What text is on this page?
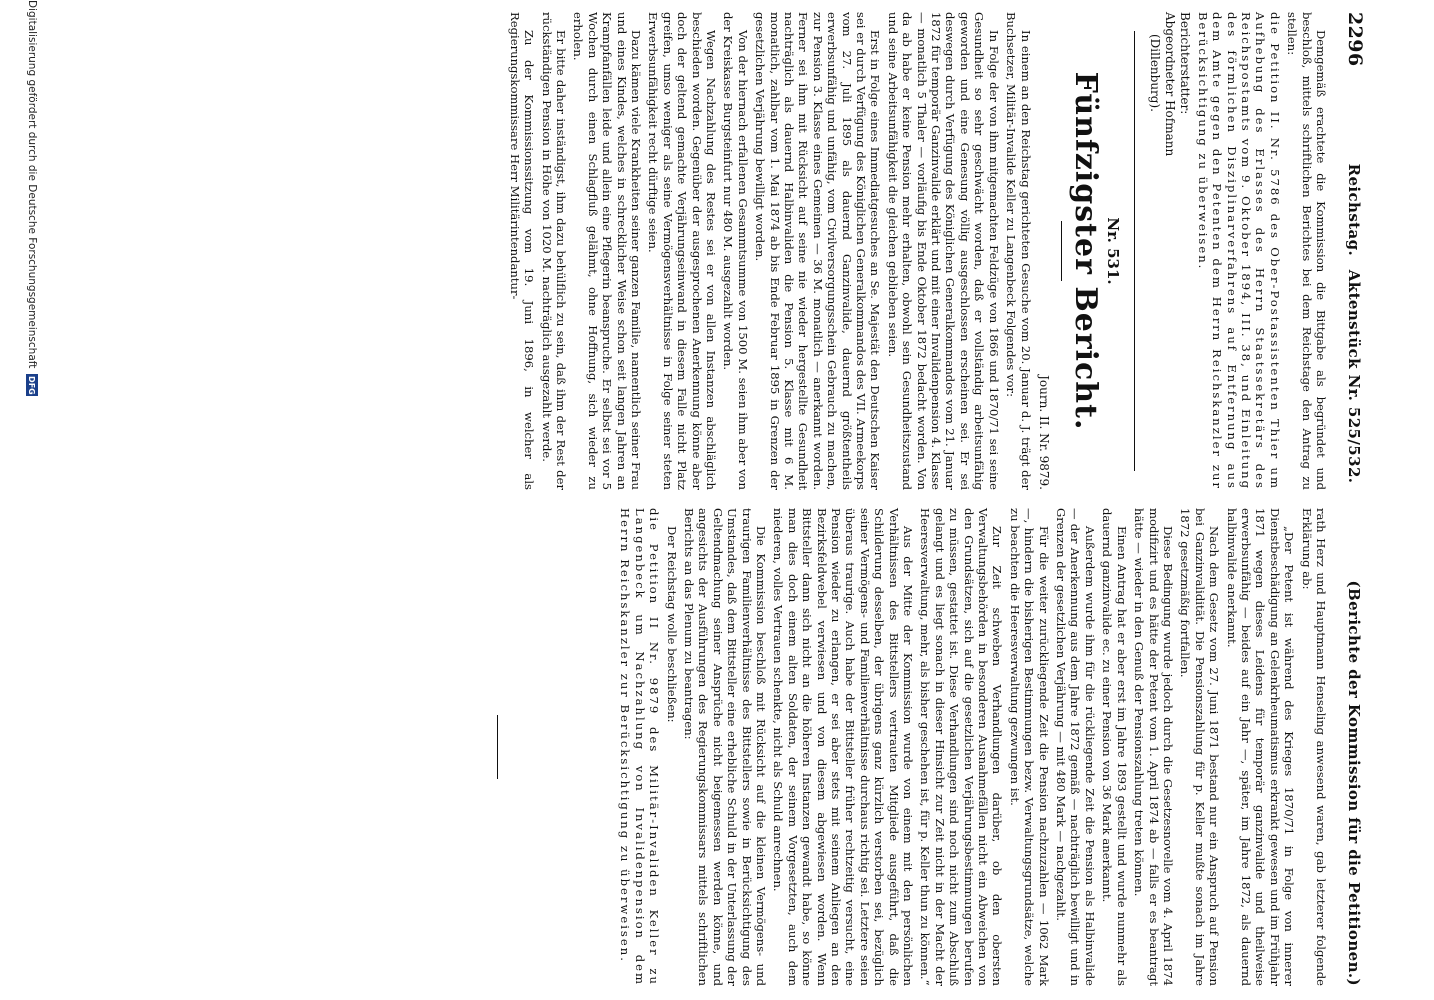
2296
Reichstag. Aktenstück Nr. 525/532.
(Berichte der Kommission für die Petitionen.)

Demgemäß erachtete die Kommission die Bittgabe als begründet und beschloß, mittels schriftlichen Berichtes bei dem Reichstage den Antrag zu stellen:

die Petition II. Nr. 5786 des Ober-Postassistenten Thier um Aufhebung des Erlasses des Herrn Staatssekretärs des Reichspostamts vom 9. Oktober 1894, III. 38, und Einleitung des förmlichen Disziplinarverfahrens auf Entfernung aus dem Amte gegen den Petenten dem Herrn Reichskanzler zur Berücksichtigung zu überweisen.

Berichterstatter:
Abgeordneter Hofmann
(Dillenburg).
Nr. 531.
Fünfzigster Bericht.
Journ. II. Nr. 9879.

In einem an den Reichstag gerichteten Gesuche vom 20. Januar d. J. trägt der Buchsetzer, Militär-Invalide Keller zu Langenbeck Folgendes vor:

In Folge der von ihm mitgemachten Feldzüge von 1866 und 1870/71 sei seine Gesundheit so sehr geschwächt worden, daß er vollständig arbeitsunfähig geworden und eine Genesung völlig ausgeschlossen erscheinen sei. Er sei deswegen durch Verfügung des Königlichen Generalkommandos vom 21. Januar 1872 für temporär Ganzinvalide erklärt und mit einer Invalidenpension 4. Klasse — monatlich 5 Thaler — vorläufig bis Ende Oktober 1872 bedacht worden. Von da ab habe er keine Pension mehr erhalten, obwohl sein Gesundheitszustand und seine Arbeitsunfähigkeit die gleichen geblieben seien.

Erst in Folge eines Immediatgesuches an Se. Majestät den Deutschen Kaiser sei er durch Verfügung des Königlichen Generalkommandos des VII. Armeekorps vom 27. Juli 1895 als dauernd Ganzinvalide, dauernd größtentheils erwerbsunfähig und unfähig, vom Civilversorgungsschein Gebrauch zu machen, zur Pension 3. Klasse eines Gemeinen — 36 M. monatlich — anerkannt worden. Ferner sei ihm mit Rücksicht auf seine nie wieder hergestellte Gesundheit nachträglich als dauernd Halbinvaliden die Pension 5. Klasse mit 6 M. monatlich, zahlbar vom 1. Mai 1874 ab bis Ende Februar 1895 in Grenzen der gesetzlichen Verjährung bewilligt worden.

Von der hiernach erfallenen Gesammtsumme von 1500 M. seien ihm aber von der Kreiskasse Burgsteinfurt nur 480 M. ausgezahlt worden.

Wegen Nachzahlung des Restes sei er von allen Instanzen abschläglich beschieden worden. Gegenüber der ausgesprochenen Anerkennung könne aber doch der geltend gemachte Verjährungseinwand in diesem Falle nicht Platz greifen, umso weniger als seine Vermögensverhältnisse in Folge seiner steten Erwerbsunfähigkeit recht dürftige seien.

Dazu kämen viele Krankheiten seiner ganzen Familie, namentlich seiner Frau und eines Kindes, welches in schrecklicher Weise schon seit langen Jahren an Krampfanfällen leide und allein eine Pflegerin beanspruche. Er selbst sei vor 5 Wochen durch einen Schlagfluß gelähmt, ohne Hoffnung, sich wieder zu erholen.

Er bitte daher inständigst, ihm dazu behülflich zu sein, daß ihm der Rest der rückständigen Pension in Höhe von 1020 M. nachträglich ausgezahlt werde.

Zu der Kommissionssitzung vom 19. Juni 1896, in welcher als Regierungskommissare Herr Militärintendantur-

rath Herz und Hauptmann Henseling anwesend waren, gab letzterer folgende Erklärung ab:

„Der Petent ist während des Krieges 1870/71 in Folge von innerer Dienstbeschädigung an Gelenkrheumatismus erkrankt gewesen und im Frühjahr 1871 wegen dieses Leidens für temporär ganzinvalide und theilweise erwerbsunfähig — beides auf ein Jahr —, später, im Jahre 1872, als dauernd halbinvalide anerkannt.

Nach dem Gesetz vom 27. Juni 1871 bestand nur ein Anspruch auf Pension bei Ganzinvalidität. Die Pensionszahlung für p. Keller mußte sonach im Jahre 1872 gesetzmäßig fortfallen.

Diese Bedingung wurde jedoch durch die Gesetzesnovelle vom 4. April 1874 modifizirt und es hätte der Petent vom 1. April 1874 ab — falls er es beantragt hätte — wieder in den Genuß der Pensionszahlung treten können.

Einen Antrag hat er aber erst im Jahre 1893 gestellt und wurde nunmehr als dauernd ganzinvalide ec. zu einer Pension von 36 Mark anerkannt.

Außerdem wurde ihm für die rückliegende Zeit die Pension als Halbinvalide — der Anerkennung aus dem Jahre 1872 gemäß — nachträglich bewilligt und in Grenzen der gesetzlichen Verjährung — mit 480 Mark — nachgezahlt.

Für die weiter zurückliegende Zeit die Pension nachzuzahlen — 1062 Mark —, hindern die bisherigen Bestimmungen bezw. Verwaltungsgrundsätze, welche zu beachten die Heeresverwaltung gezwungen ist.

Zur Zeit schweben Verhandlungen darüber, ob den obersten Verwaltungsbehörden in besonderen Ausnahmefällen nicht ein Abweichen von den Grundsätzen, sich auf die gesetzlichen Verjährungsbestimmungen berufen zu müssen, gestattet ist. Diese Verhandlungen sind noch nicht zum Abschluß gelangt und es liegt sonach in dieser Hinsicht zur Zeit nicht in der Macht der Heeresverwaltung, mehr, als bisher geschehen ist, für p. Keller thun zu können.“

Aus der Mitte der Kommission wurde von einem mit den persönlichen Verhältnissen des Bittstellers vertrauten Mitgliede ausgeführt, daß die Schilderung desselben, der übrigens ganz kürzlich verstorben sei, bezüglich seiner Vermögens- und Familienverhältnisse durchaus richtig sei. Letztere seien überaus traurige. Auch habe der Bittsteller früher rechtzeitig versucht, eine Pension wieder zu erlangen, er sei aber stets mit seinem Anliegen an den Bezirksfeldwebel verwiesen und von diesem abgewiesen worden. Wenn Bittsteller dann sich nicht an die höheren Instanzen gewandt habe, so könne man dies doch einem alten Soldaten, der seinem Vorgesetzten, auch dem niederen, volles Vertrauen schenkte, nicht als Schuld anrechnen.

Die Kommission beschloß mit Rücksicht auf die kleinen Vermögens- und traurigen Familienverhältnisse des Bittstellers sowie in Berücksichtigung des Umstandes, daß dem Bittsteller eine erhebliche Schuld in der Unterlassung der Geltendmachung seiner Ansprüche nicht beigemessen werden könne, und angesichts der Ausführungen des Regierungskommissars mittels schriftlichen Berichts an das Plenum zu beantragen:

Der Reichstag wolle beschließen:

die Petition II Nr. 9879 des Militär-Invaliden Keller zu Langenbeck um Nachzahlung von Invalidenpension dem Herrn Reichskanzler zur Berücksichtigung zu überweisen.

Digitalisierung gefördert durch die Deutsche Forschungsgemeinschaft
DFG
